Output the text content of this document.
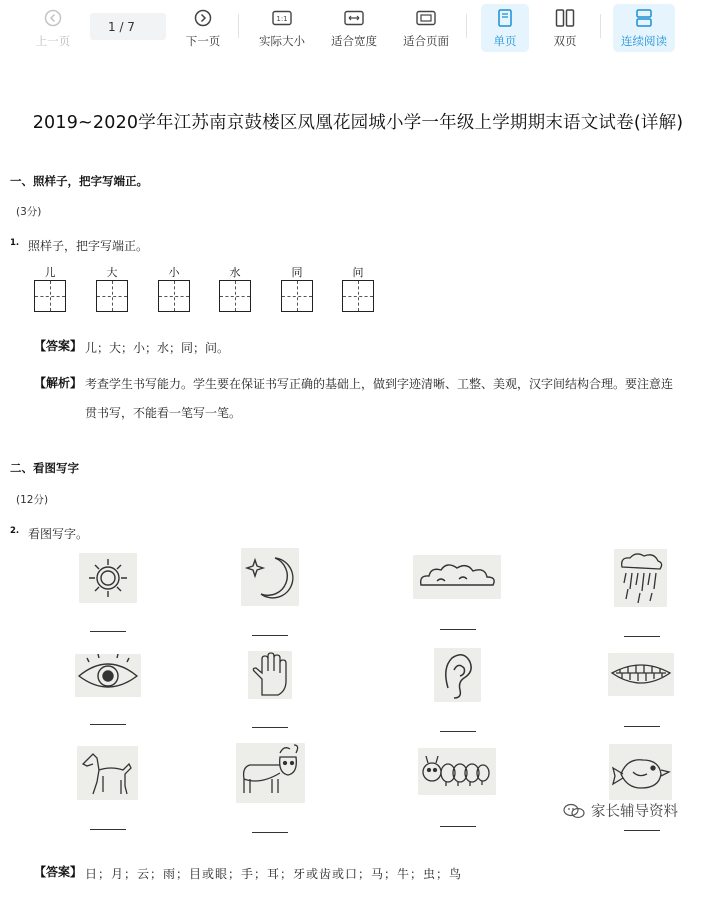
上一页
1 / 7
下一页
1:1
实际大小 适合宽度 适合页面	单页	双页	连续阅读
2019~2020学年江苏南京鼓楼区凤凰花园城小学一年级上学期期末语文试卷(详解)
一、照样子，把字写端正。
(3分)
1. 照样子，把字写端正。
儿	大	小	水	同	问
【答案】 儿；大；小；水；同；问。
【解析】 考查学生书写能力。学生要在保证书写正确的基础上，做到字迹清晰、工整、美观，汉字间结构合理。要注意连
贯书写，不能看一笔写一笔。
二、看图写字
(12分)
2. 看图写字。
【答案】 日；月；云；雨；目或眼；手；耳；牙或齿或口；马；牛；虫；鸟
家长辅导资料
